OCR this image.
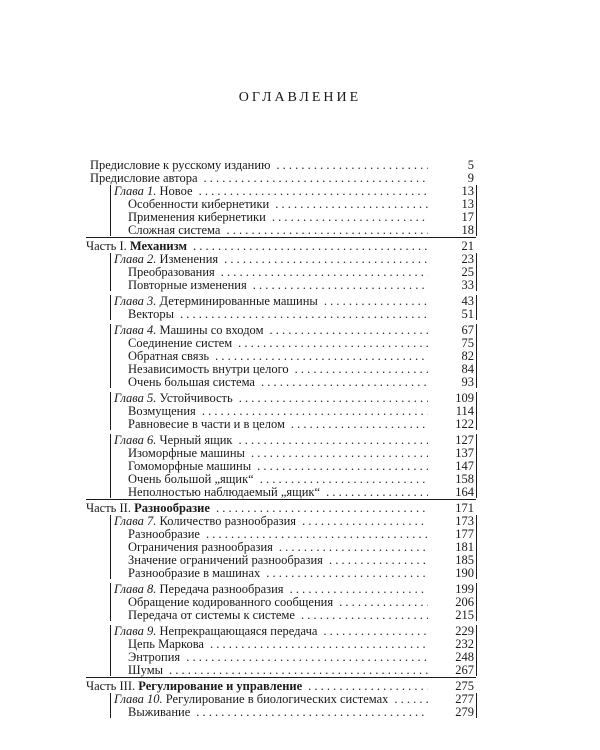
ОГЛАВЛЕНИЕ
Предисловие к русскому изданию . . .	5
Предисловие автора . . .	9
Глава 1. Новое . . .	13
Особенности кибернетики . . .	13
Применения кибернетики . . .	17
Сложная система . . .	18
Часть I. Механизм . . .	21
Глава 2. Изменения . . .	23
Преобразования . . .	25
Повторные изменения . . .	33
Глава 3. Детерминированные машины . . .	43
Векторы . . .	51
Глава 4. Машины со входом . . .	67
Соединение систем . . .	75
Обратная связь . . .	82
Независимость внутри целого . . .	84
Очень большая система . . .	93
Глава 5. Устойчивость . . .	109
Возмущения . . .	114
Равновесие в части и в целом . . .	122
Глава 6. Черный ящик . . .	127
Изоморфные машины . . .	137
Гомоморфные машины . . .	147
Очень большой „ящик“ . . .	158
Неполностью наблюдаемый „ящик“ . . .	164
Часть II. Разнообразие . . .	171
Глава 7. Количество разнообразия . . .	173
Разнообразие . . .	177
Ограничения разнообразия . . .	181
Значение ограничений разнообразия . . .	185
Разнообразие в машинах . . .	190
Глава 8. Передача разнообразия . . .	199
Обращение кодированного сообщения . . .	206
Передача от системы к системе . . .	215
Глава 9. Непрекращающаяся передача . . .	229
Цепь Маркова . . .	232
Энтропия . . .	248
Шумы . . .	267
Часть III. Регулирование и управление . . .	275
Глава 10. Регулирование в биологических системах . . .	277
Выживание . . .	279
